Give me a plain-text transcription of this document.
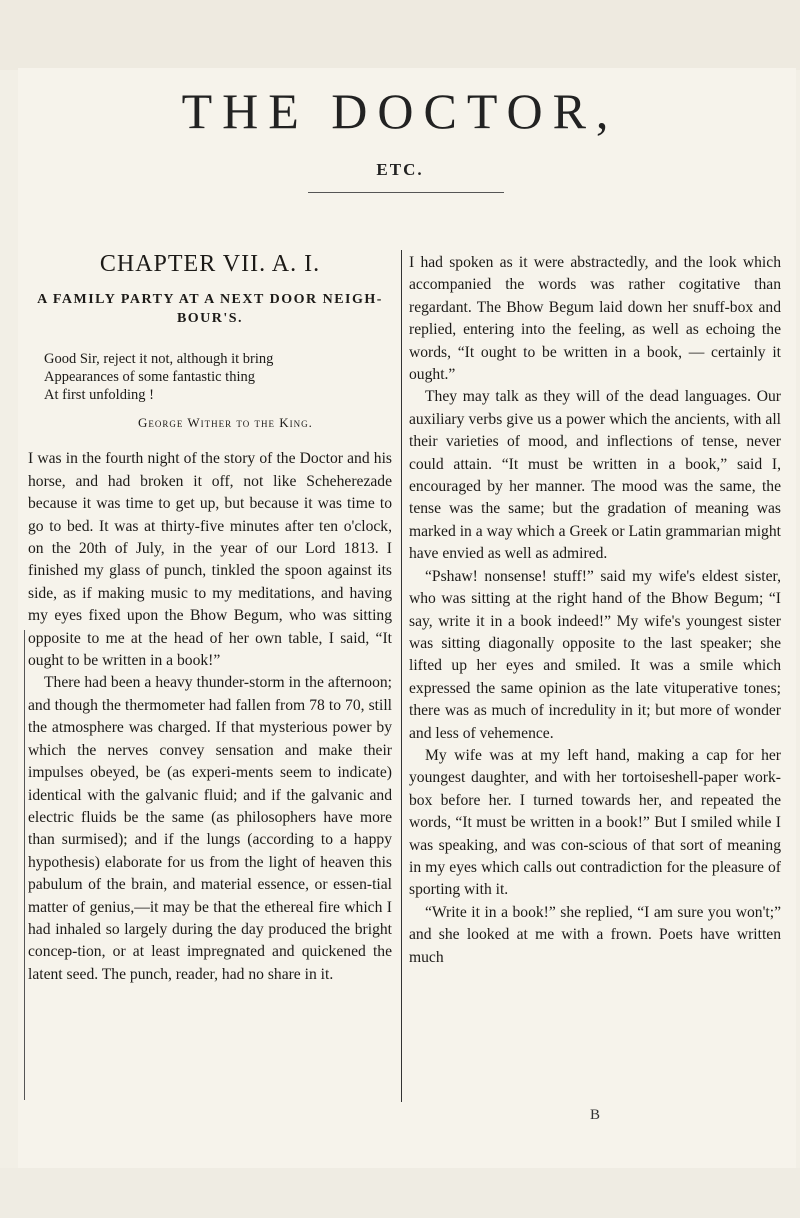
THE DOCTOR,
ETC.
CHAPTER VII. A. I.
A FAMILY PARTY AT A NEXT DOOR NEIGH-BOUR'S.
Good Sir, reject it not, although it bring
Appearances of some fantastic thing
At first unfolding !
George Wither to the King.

I was in the fourth night of the story of the Doctor and his horse, and had broken it off, not like Scheherezade because it was time to get up, but because it was time to go to bed. It was at thirty-five minutes after ten o'clock, on the 20th of July, in the year of our Lord 1813. I finished my glass of punch, tinkled the spoon against its side, as if making music to my meditations, and having my eyes fixed upon the Bhow Begum, who was sitting opposite to me at the head of her own table, I said, “It ought to be written in a book!”

There had been a heavy thunder-storm in the afternoon; and though the thermometer had fallen from 78 to 70, still the atmosphere was charged. If that mysterious power by which the nerves convey sensation and make their impulses obeyed, be (as experi-ments seem to indicate) identical with the galvanic fluid; and if the galvanic and electric fluids be the same (as philosophers have more than surmised); and if the lungs (according to a happy hypothesis) elaborate for us from the light of heaven this pabulum of the brain, and material essence, or essen-tial matter of genius,—it may be that the ethereal fire which I had inhaled so largely during the day produced the bright concep-tion, or at least impregnated and quickened the latent seed. The punch, reader, had no share in it.

I had spoken as it were abstractedly, and the look which accompanied the words was rather cogitative than regardant. The Bhow Begum laid down her snuff-box and replied, entering into the feeling, as well as echoing the words, “It ought to be written in a book, — certainly it ought.”

They may talk as they will of the dead languages. Our auxiliary verbs give us a power which the ancients, with all their varieties of mood, and inflections of tense, never could attain. “It must be written in a book,” said I, encouraged by her manner. The mood was the same, the tense was the same; but the gradation of meaning was marked in a way which a Greek or Latin grammarian might have envied as well as admired.

“Pshaw! nonsense! stuff!” said my wife's eldest sister, who was sitting at the right hand of the Bhow Begum; “I say, write it in a book indeed!” My wife's youngest sister was sitting diagonally opposite to the last speaker; she lifted up her eyes and smiled. It was a smile which expressed the same opinion as the late vituperative tones; there was as much of incredulity in it; but more of wonder and less of vehemence.

My wife was at my left hand, making a cap for her youngest daughter, and with her tortoiseshell-paper work-box before her. I turned towards her, and repeated the words, “It must be written in a book!” But I smiled while I was speaking, and was con-scious of that sort of meaning in my eyes which calls out contradiction for the pleasure of sporting with it.

“Write it in a book!” she replied, “I am sure you won't;” and she looked at me with a frown. Poets have written much

B
